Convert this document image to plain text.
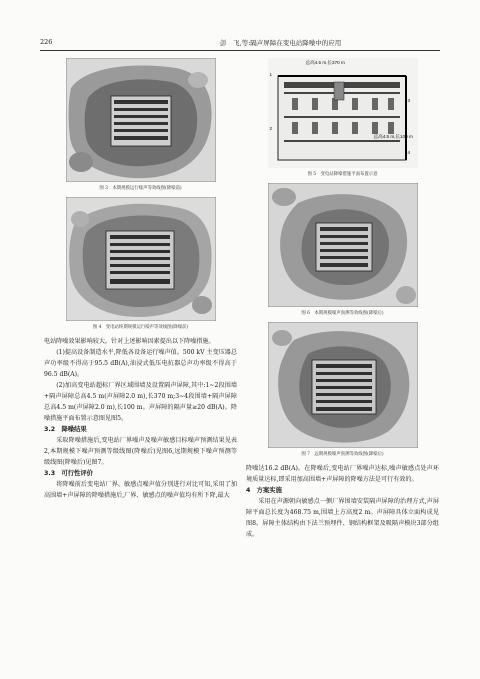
226	彭　飞,等:隔声屏障在变电站降噪中的应用
图 3　本期规模运行噪声等效线图(降噪前)
图 4　变电站终期规模运行噪声等效线图(降噪前)

电站降噪效果影响较大。针对上述影响因素提出以下降噪措施。

(1)提高设备制造水平,降低各设备运行噪声值。500 kV 主变压器总声功率级不得高于95.5 dB(A),油浸式低压电抗器总声功率级不得高于96.5 dB(A)。

(2)加高变电站超标厂界区域围墙及设置隔声屏障,其中:1~2段围墙+隔声屏障总高4.5 m(声屏障2.0 m),长370 m;3~4段围墙+隔声屏障总高4.5 m(声屏障2.0 m),长100 m。声屏障的隔声量≥20 dB(A)。降噪措施平面布置示意图见图5。

3.2　降噪结果

采取降噪措施后,变电站厂界噪声及噪声敏感目标噪声预测结果见表2,本期规模下噪声预测等级线图(降噪后)见图6,远期规模下噪声预测等级线图(降噪后)见图7。

3.3　可行性评价

将降噪前后变电站厂界、敏感点噪声值分别进行对比可知,采用了加高围墙+声屏障的降噪措施后,厂界、敏感点的噪声值均有所下降,最大

总高4.5 m,长370 m
总高4.5 m,长100 m
1
2
3
4
图 5　变电站降噪措施平面布置示意
图 6　本期规模噪声预测等效线图(降噪后)
图 7　远期规模噪声预测等效线图(降噪后)

降噪达16.2 dB(A)。在降噪后,变电站厂界噪声达标,噪声敏感点处声环境质量达标,即采用加高围墙+声屏障的降噪方法是可行有效的。

4　方案实施

采用在声源朝向敏感点一侧厂界围墙安装隔声屏障的治理方式,声屏障平面总长度为468.75 m,围墙上方高度2 m。声屏障具体立面构成见图8。屏障主体结构由下法兰预埋件、钢结构框架及吸隔声模块3部分组成。
